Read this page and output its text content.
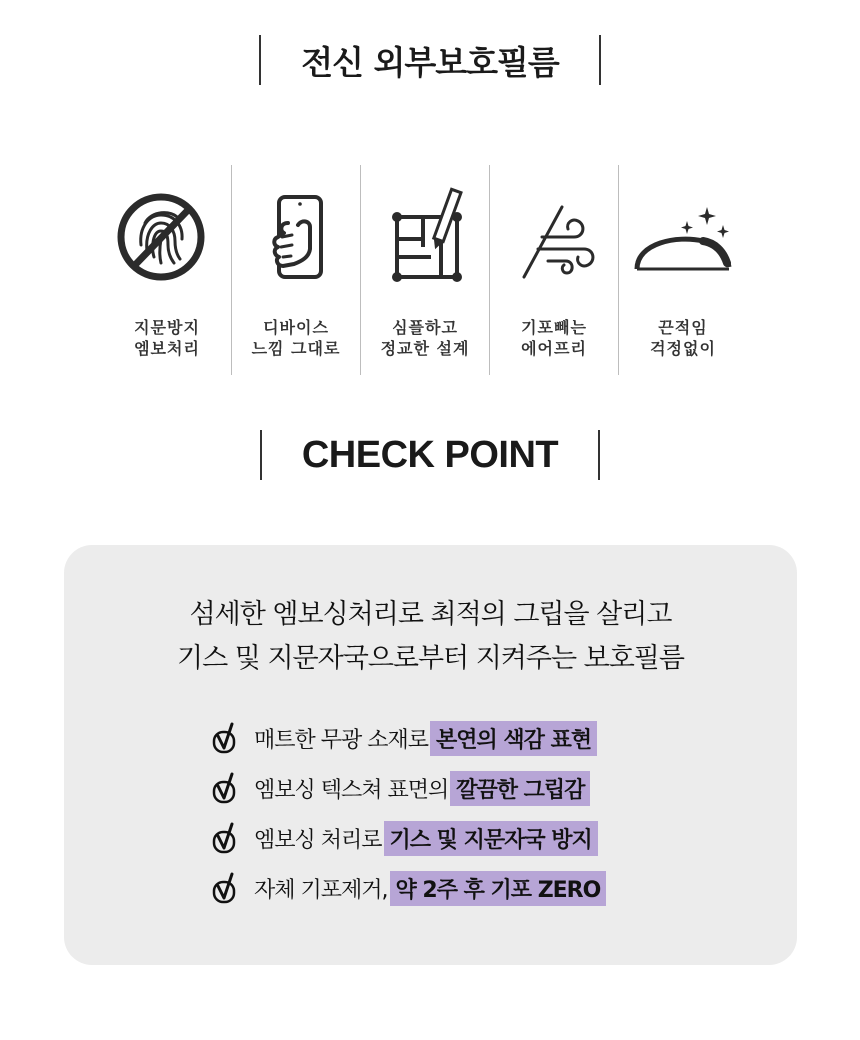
전신 외부보호필름
지문방지
엠보처리
디바이스
느낌 그대로
심플하고
정교한 설계
기포빼는
에어프리
끈적임
걱정없이
CHECK POINT
섬세한 엠보싱처리로 최적의 그립을 살리고
기스 및 지문자국으로부터 지켜주는 보호필름
매트한 무광 소재로 본연의 색감 표현
엠보싱 텍스쳐 표면의 깔끔한 그립감
엠보싱 처리로 기스 및 지문자국 방지
자체 기포제거, 약 2주 후 기포 ZERO
